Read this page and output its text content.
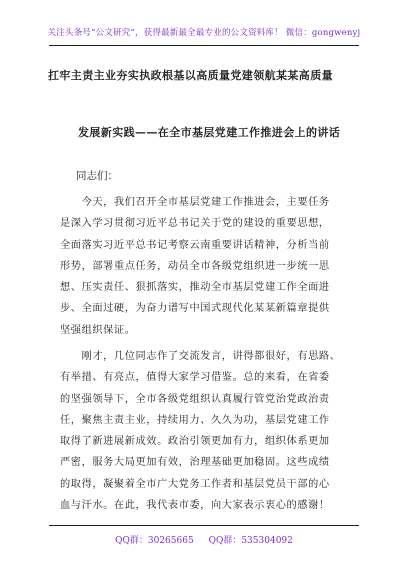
关注头条号“公文研究”，获得最新最全最专业的公文资料库！ 微信：gongwenyj
扛牢主责主业夯实执政根基以高质量党建领航某某高质量
发展新实践——在全市基层党建工作推进会上的讲话
同志们：
　　今天，我们召开全市基层党建工作推进会，主要任务
是深入学习贯彻习近平总书记关于党的建设的重要思想，
全面落实习近平总书记考察云南重要讲话精神，分析当前
形势，部署重点任务，动员全市各级党组织进一步统一思
想、压实责任、狠抓落实，推动全市基层党建工作全面进
步、全面过硬，为奋力谱写中国式现代化某某新篇章提供
坚强组织保证。
　　刚才，几位同志作了交流发言，讲得都很好，有思路、
有举措、有亮点，值得大家学习借鉴。总的来看，在省委
的坚强领导下，全市各级党组织认真履行管党治党政治责
任，聚焦主责主业，持续用力、久久为功，基层党建工作
取得了新进展新成效。政治引领更加有力，组织体系更加
严密，服务大局更加有效，治理基础更加稳固。这些成绩
的取得，凝聚着全市广大党务工作者和基层党员干部的心
血与汗水。在此，我代表市委，向大家表示衷心的感谢！
QQ群：30265665 QQ群：535304092
